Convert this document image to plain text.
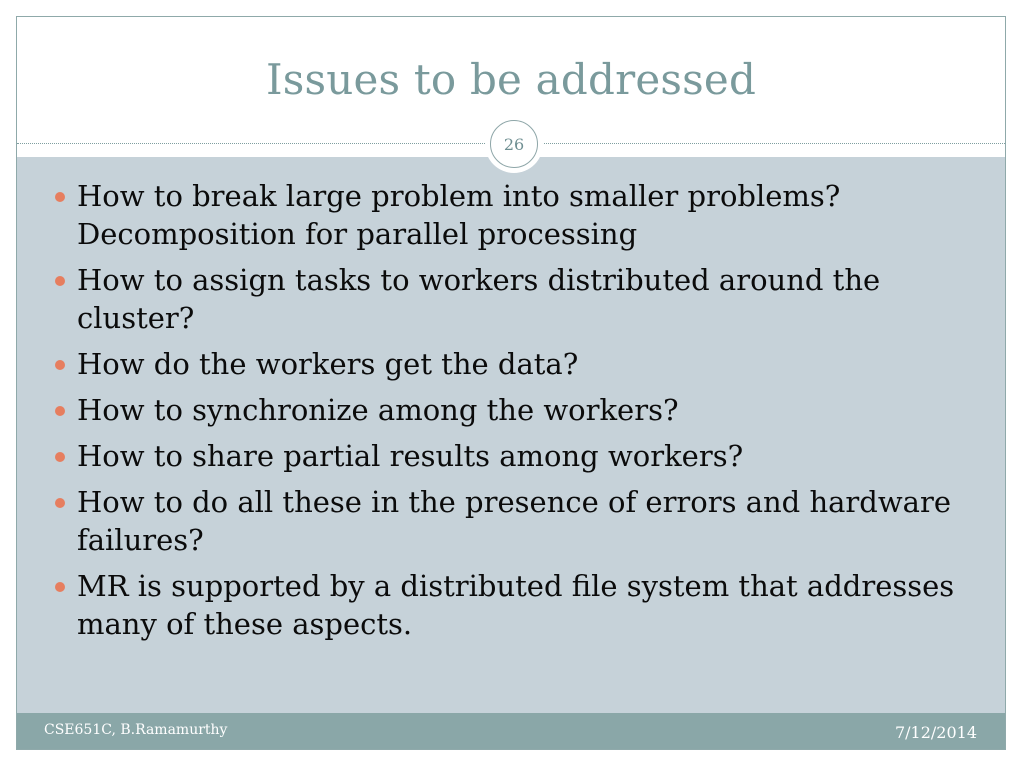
Issues to be addressed
26
How to break large problem into smaller problems? Decomposition for parallel processing
How to assign tasks to workers distributed around the cluster?
How do the workers get the data?
How to synchronize among the workers?
How to share partial results among workers?
How to do all these in the presence of errors and hardware failures?
MR is supported by a distributed file system that addresses many of these aspects.
CSE651C, B.Ramamurthy	7/12/2014
